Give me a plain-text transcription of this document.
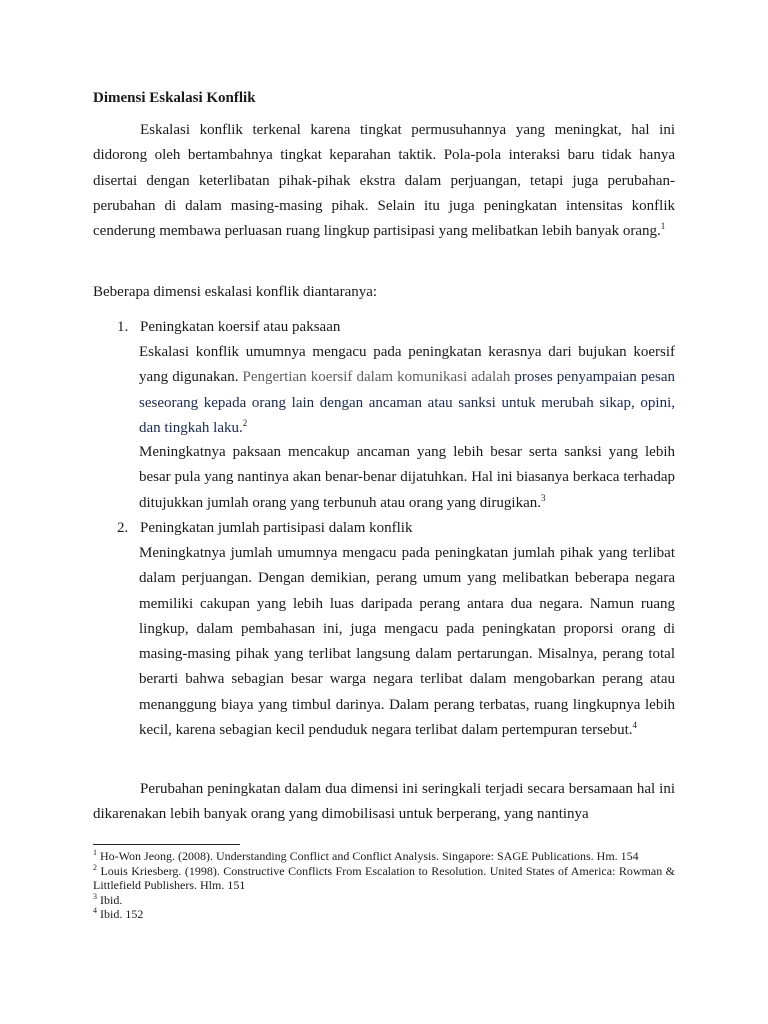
Dimensi Eskalasi Konflik

Eskalasi konflik terkenal karena tingkat permusuhannya yang meningkat, hal ini didorong oleh bertambahnya tingkat keparahan taktik. Pola-pola interaksi baru tidak hanya disertai dengan keterlibatan pihak-pihak ekstra dalam perjuangan, tetapi juga perubahan-perubahan di dalam masing-masing pihak. Selain itu juga peningkatan intensitas konflik cenderung membawa perluasan ruang lingkup partisipasi yang melibatkan lebih banyak orang.$^1$

Beberapa dimensi eskalasi konflik diantaranya:

1. Peningkatan koersif atau paksaan

Eskalasi konflik umumnya mengacu pada peningkatan kerasnya dari bujukan koersif yang digunakan. Pengertian koersif dalam komunikasi adalah proses penyampaian pesan seseorang kepada orang lain dengan ancaman atau sanksi untuk merubah sikap, opini, dan tingkah laku.$^2$

Meningkatnya paksaan mencakup ancaman yang lebih besar serta sanksi yang lebih besar pula yang nantinya akan benar-benar dijatuhkan. Hal ini biasanya berkaca terhadap ditujukkan jumlah orang yang terbunuh atau orang yang dirugikan.$^3$

2. Peningkatan jumlah partisipasi dalam konflik

Meningkatnya jumlah umumnya mengacu pada peningkatan jumlah pihak yang terlibat dalam perjuangan. Dengan demikian, perang umum yang melibatkan beberapa negara memiliki cakupan yang lebih luas daripada perang antara dua negara. Namun ruang lingkup, dalam pembahasan ini, juga mengacu pada peningkatan proporsi orang di masing-masing pihak yang terlibat langsung dalam pertarungan. Misalnya, perang total berarti bahwa sebagian besar warga negara terlibat dalam mengobarkan perang atau menanggung biaya yang timbul darinya. Dalam perang terbatas, ruang lingkupnya lebih kecil, karena sebagian kecil penduduk negara terlibat dalam pertempuran tersebut.$^4$

Perubahan peningkatan dalam dua dimensi ini seringkali terjadi secara bersamaan hal ini dikarenakan lebih banyak orang yang dimobilisasi untuk berperang, yang nantinya

$^1$ Ho-Won Jeong. (2008). Understanding Conflict and Conflict Analysis. Singapore: SAGE Publications. Hm. 154

$^2$ Louis Kriesberg. (1998). Constructive Conflicts From Escalation to Resolution. United States of America: Rowman & Littlefield Publishers. Hlm. 151

$^3$ Ibid.

$^4$ Ibid. 152
